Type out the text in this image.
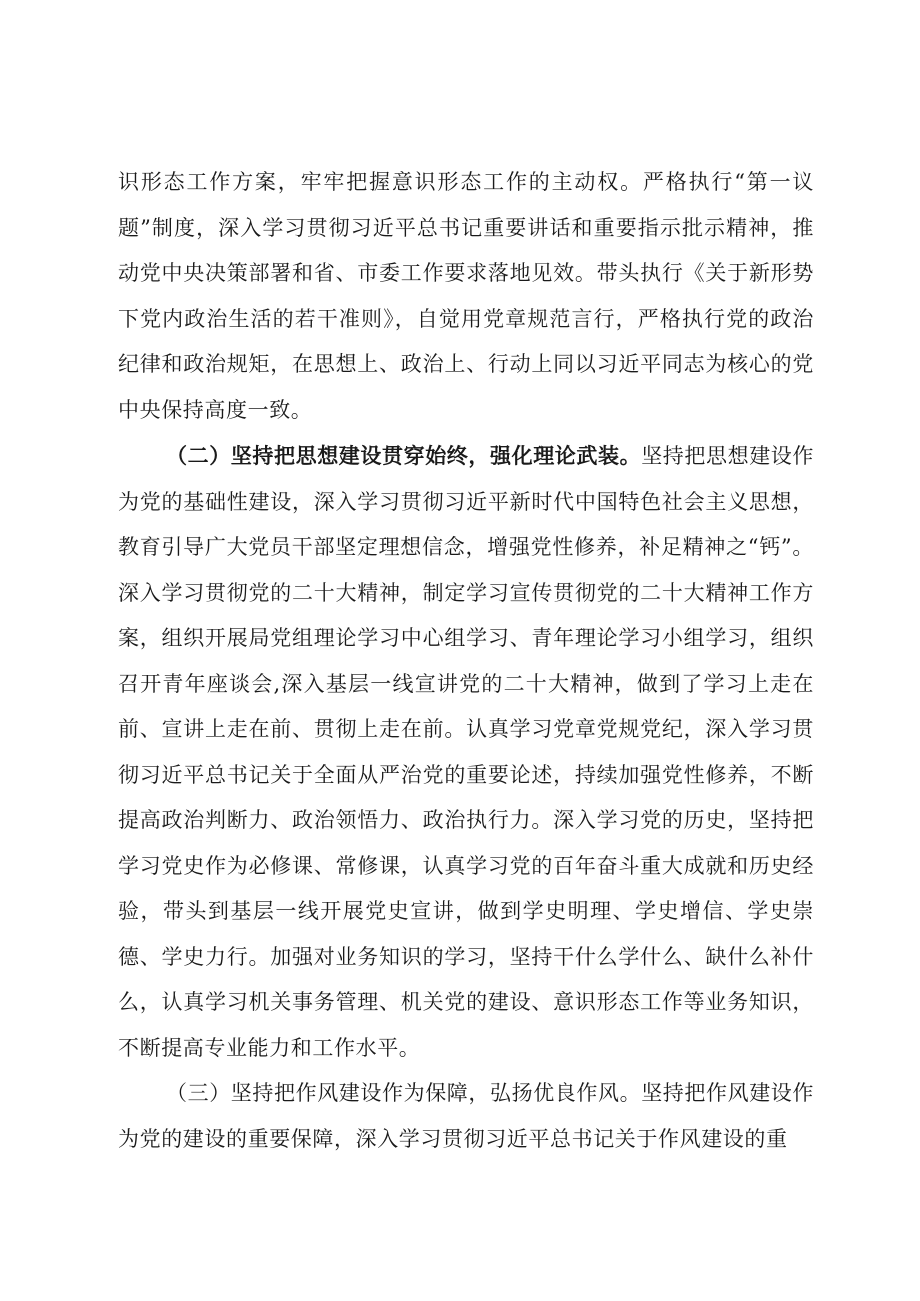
识形态工作方案，牢牢把握意识形态工作的主动权。严格执行“第一议题”制度，深入学习贯彻习近平总书记重要讲话和重要指示批示精神，推动党中央决策部署和省、市委工作要求落地见效。带头执行《关于新形势下党内政治生活的若干准则》，自觉用党章规范言行，严格执行党的政治纪律和政治规矩，在思想上、政治上、行动上同以习近平同志为核心的党中央保持高度一致。

（二）坚持把思想建设贯穿始终，强化理论武装。坚持把思想建设作为党的基础性建设，深入学习贯彻习近平新时代中国特色社会主义思想，教育引导广大党员干部坚定理想信念，增强党性修养，补足精神之“钙”。深入学习贯彻党的二十大精神，制定学习宣传贯彻党的二十大精神工作方案，组织开展局党组理论学习中心组学习、青年理论学习小组学习，组织召开青年座谈会,深入基层一线宣讲党的二十大精神，做到了学习上走在前、宣讲上走在前、贯彻上走在前。认真学习党章党规党纪，深入学习贯彻习近平总书记关于全面从严治党的重要论述，持续加强党性修养，不断提高政治判断力、政治领悟力、政治执行力。深入学习党的历史，坚持把学习党史作为必修课、常修课，认真学习党的百年奋斗重大成就和历史经验，带头到基层一线开展党史宣讲，做到学史明理、学史增信、学史崇德、学史力行。加强对业务知识的学习，坚持干什么学什么、缺什么补什么，认真学习机关事务管理、机关党的建设、意识形态工作等业务知识，不断提高专业能力和工作水平。

（三）坚持把作风建设作为保障，弘扬优良作风。坚持把作风建设作为党的建设的重要保障，深入学习贯彻习近平总书记关于作风建设的重
